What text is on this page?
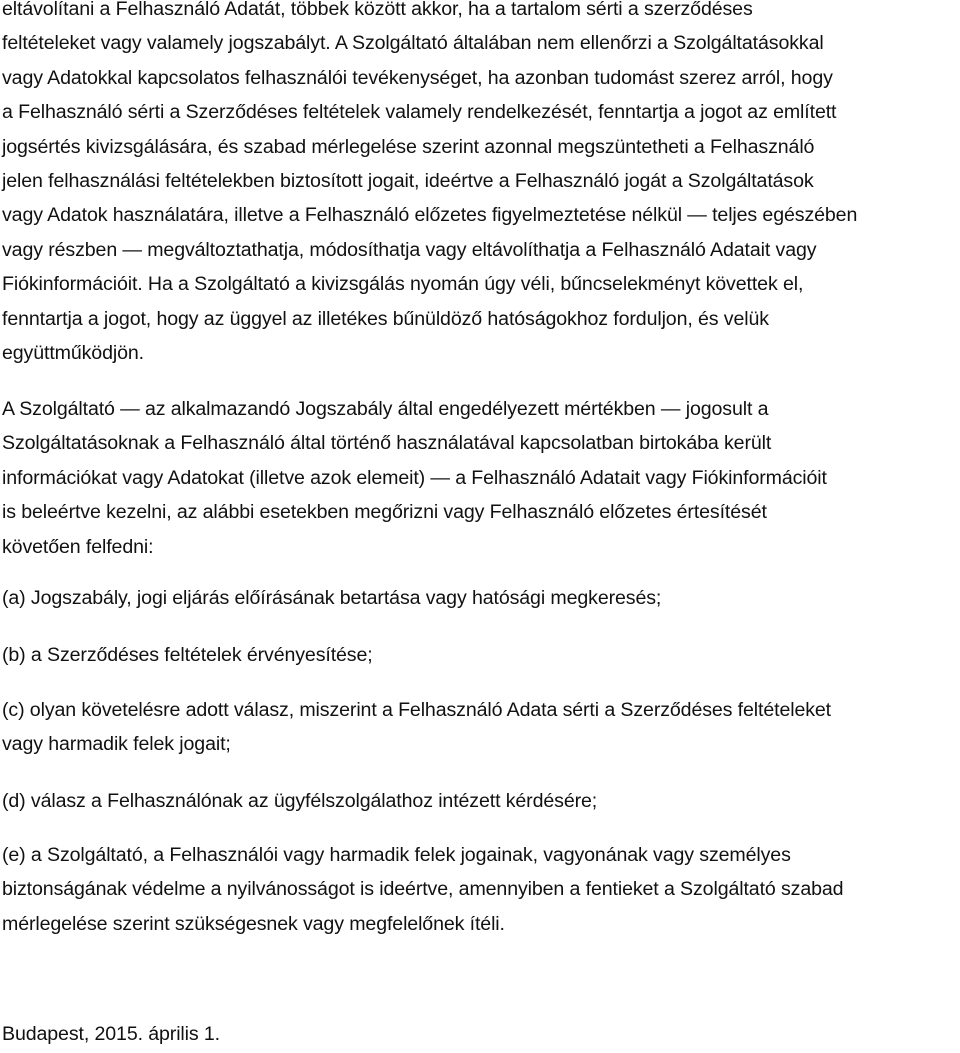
eltávolítani a Felhasználó Adatát, többek között akkor, ha a tartalom sérti a szerződéses
feltételeket vagy valamely jogszabályt. A Szolgáltató általában nem ellenőrzi a Szolgáltatásokkal
vagy Adatokkal kapcsolatos felhasználói tevékenységet, ha azonban tudomást szerez arról, hogy
a Felhasználó sérti a Szerződéses feltételek valamely rendelkezését, fenntartja a jogot az említett
jogsértés kivizsgálására, és szabad mérlegelése szerint azonnal megszüntetheti a Felhasználó
jelen felhasználási feltételekben biztosított jogait, ideértve a Felhasználó jogát a Szolgáltatások
vagy Adatok használatára, illetve a Felhasználó előzetes figyelmeztetése nélkül — teljes egészében
vagy részben — megváltoztathatja, módosíthatja vagy eltávolíthatja a Felhasználó Adatait vagy
Fiókinformációit. Ha a Szolgáltató a kivizsgálás nyomán úgy véli, bűncselekményt követtek el,
fenntartja a jogot, hogy az üggyel az illetékes bűnüldöző hatóságokhoz forduljon, és velük
együttműködjön.
A Szolgáltató — az alkalmazandó Jogszabály által engedélyezett mértékben — jogosult a
Szolgáltatásoknak a Felhasználó által történő használatával kapcsolatban birtokába került
információkat vagy Adatokat (illetve azok elemeit) — a Felhasználó Adatait vagy Fiókinformációit
is beleértve kezelni, az alábbi esetekben megőrizni vagy Felhasználó előzetes értesítését
követően felfedni:
(a) Jogszabály, jogi eljárás előírásának betartása vagy hatósági megkeresés;
(b) a Szerződéses feltételek érvényesítése;
(c) olyan követelésre adott válasz, miszerint a Felhasználó Adata sérti a Szerződéses feltételeket
vagy harmadik felek jogait;
(d) válasz a Felhasználónak az ügyfélszolgálathoz intézett kérdésére;
(e) a Szolgáltató, a Felhasználói vagy harmadik felek jogainak, vagyonának vagy személyes
biztonságának védelme a nyilvánosságot is ideértve, amennyiben a fentieket a Szolgáltató szabad
mérlegelése szerint szükségesnek vagy megfelelőnek ítéli.
Budapest, 2015. április 1.
